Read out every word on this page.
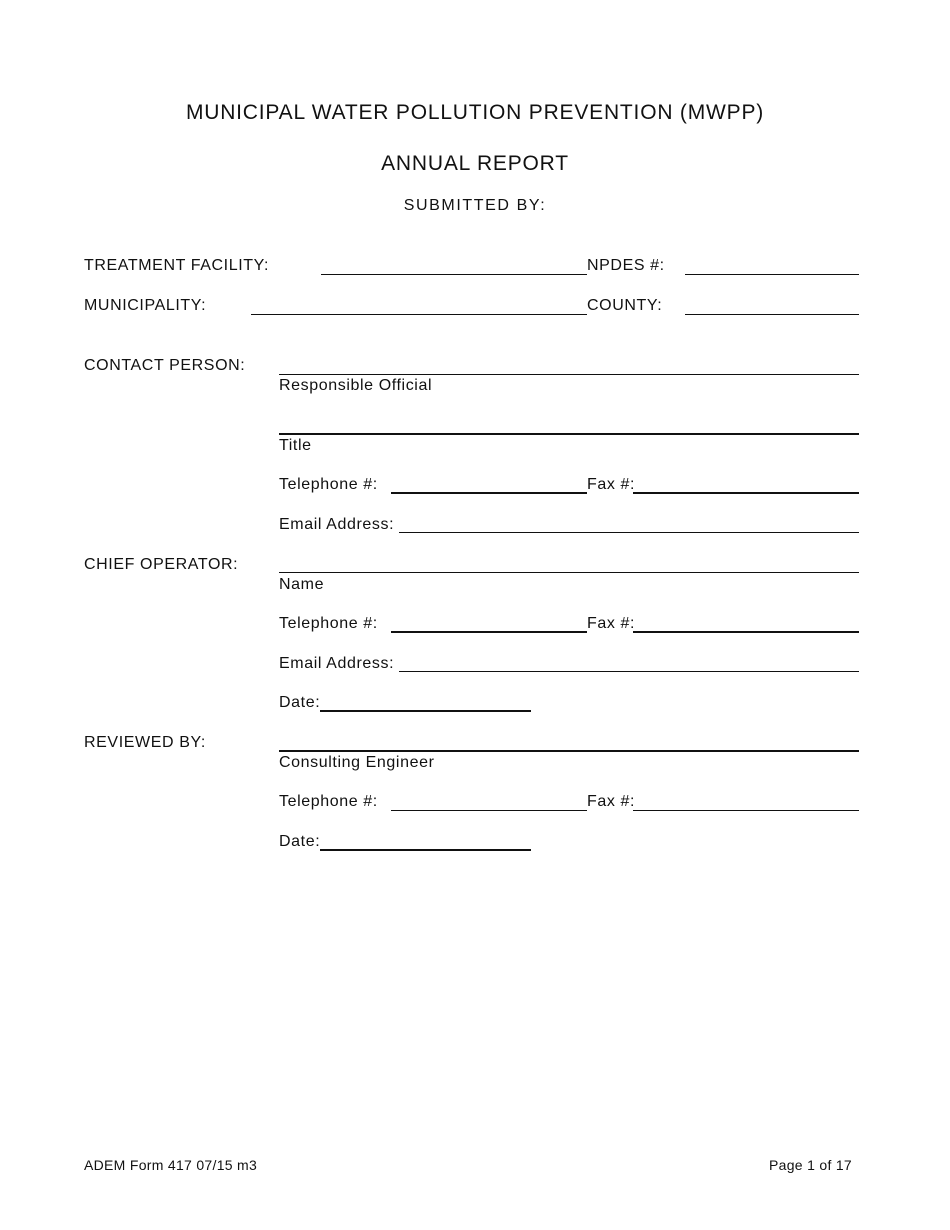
MUNICIPAL WATER POLLUTION PREVENTION (MWPP)
ANNUAL REPORT
SUBMITTED BY:
TREATMENT FACILITY:	NPDES #:
MUNICIPALITY:	COUNTY:
CONTACT PERSON:
Responsible Official
Title
Telephone #:	Fax #:
Email Address:
CHIEF OPERATOR:
Name
Telephone #:	Fax #:
Email Address:
Date:
REVIEWED BY:
Consulting Engineer
Telephone #:	Fax #:
Date:
ADEM Form 417 07/15 m3	Page 1 of 17
